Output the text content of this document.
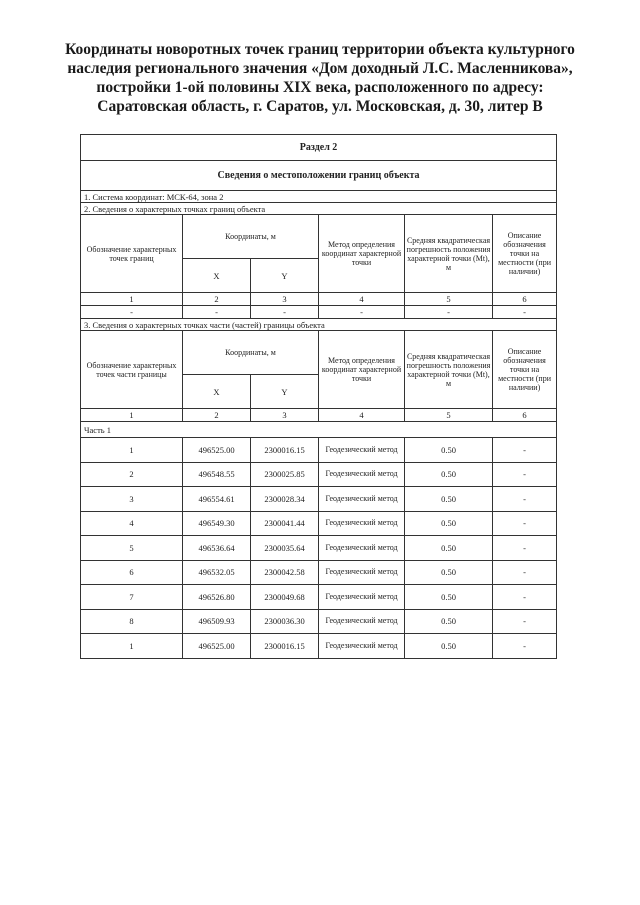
Координаты новоротных точек границ территории объекта культурного
наследия регионального значения «Дом доходный Л.С. Масленникова»,
постройки 1-ой половины XIX века, расположенного по адресу:
Саратовская область, г. Саратов, ул. Московская, д. 30, литер В
Раздел 2					
Сведения о местоположении границ объекта					
1. Система координат: МСК-64, зона 2					
2. Сведения о характерных точках границ объекта					
Обозначение характерных точек границ	Координаты, м		Метод определения координат характерной точки	Средняя квадратическая погрешность положения характерной точки (Mt), м	Описание обозначения точки на местности (при наличии)
	X	Y			
1	2	3	4	5	6
-	-	-	-	-	-
3. Сведения о характерных точках части (частей) границы объекта					
Обозначение характерных точек части границы	Координаты, м		Метод определения координат характерной точки	Средняя квадратическая погрешность положения характерной точки (Mt), м	Описание обозначения точки на местности (при наличии)
	X	Y			
1	2	3	4	5	6
Часть 1					
1	496525.00	2300016.15	Геодезический метод	0.50	-
2	496548.55	2300025.85	Геодезический метод	0.50	-
3	496554.61	2300028.34	Геодезический метод	0.50	-
4	496549.30	2300041.44	Геодезический метод	0.50	-
5	496536.64	2300035.64	Геодезический метод	0.50	-
6	496532.05	2300042.58	Геодезический метод	0.50	-
7	496526.80	2300049.68	Геодезический метод	0.50	-
8	496509.93	2300036.30	Геодезический метод	0.50	-
1	496525.00	2300016.15	Геодезический метод	0.50	-
